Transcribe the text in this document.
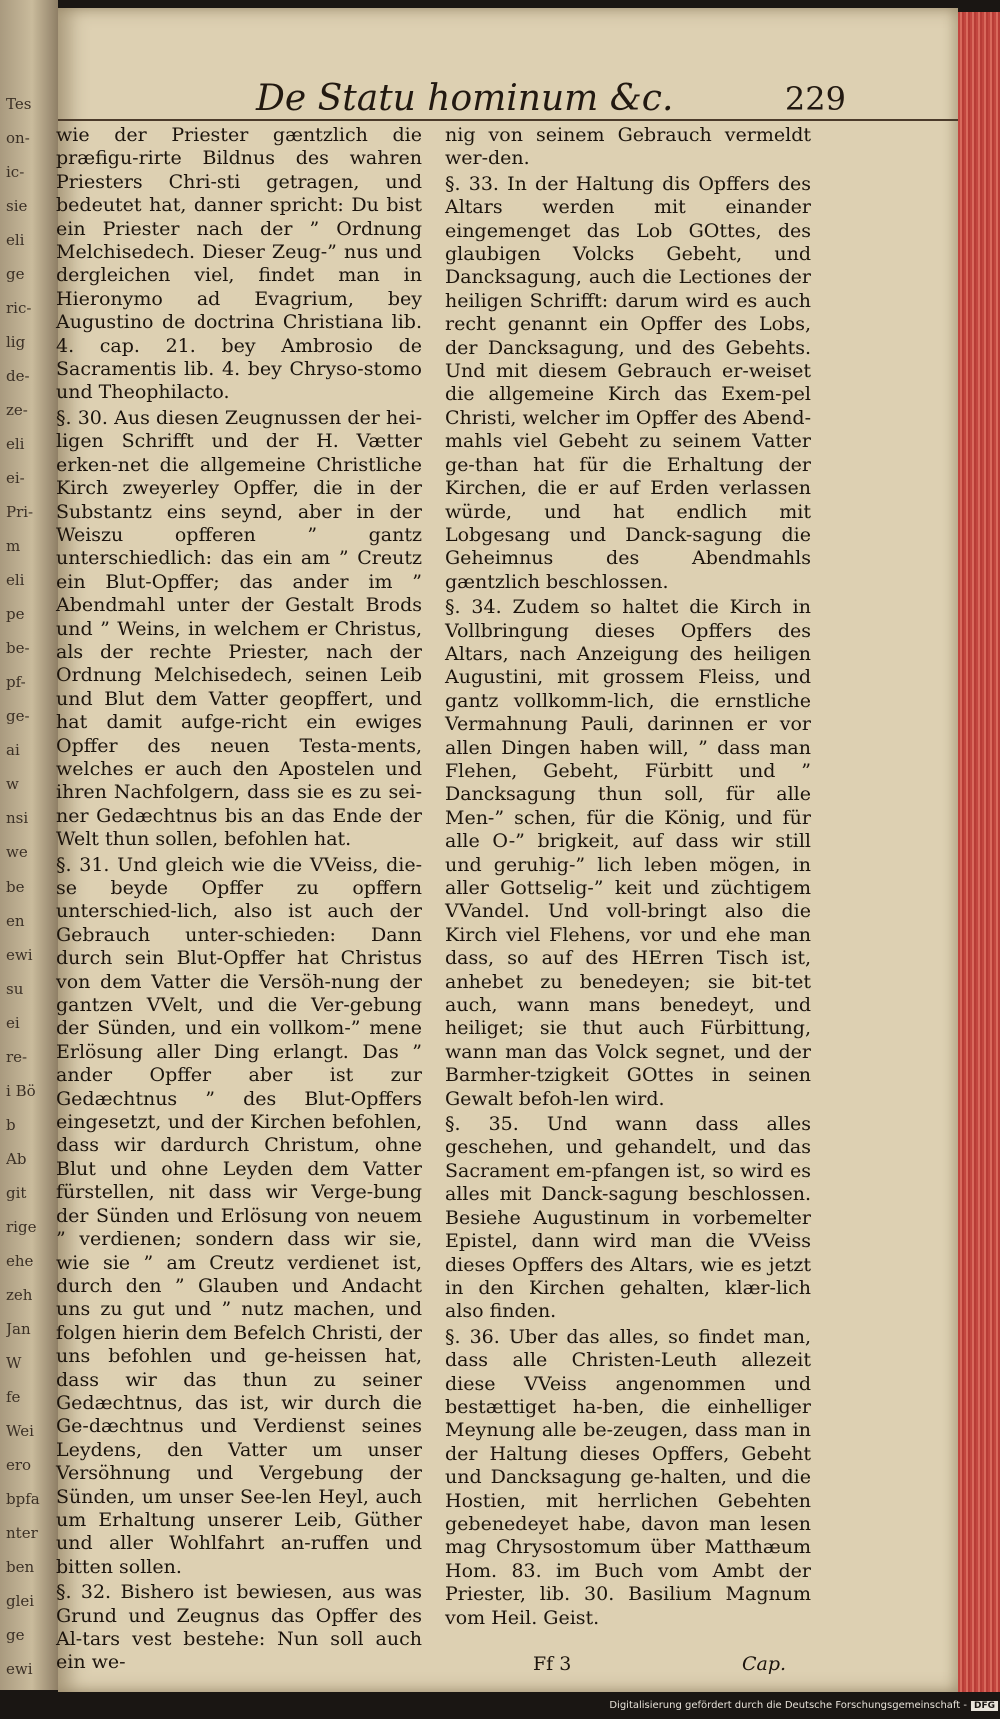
Tes
on-
ic-
sie
eli
ge
ric-
lig
de-
ze-
eli
ei-
Pri-
m
eli
pe
be-
pf-
ge-
ai
w
nsi
we
be
en
ewi
su
ei
re-
i Bö
b
Ab
git
rige
ehe
zeh
Jan
W
fe
Wei
ero
bpfa
nter
ben
glei
ge
ewi
De Statu hominum &c.	229

wie der Priester gæntzlich die præfigu-rirte Bildnus des wahren Priesters Chri-sti getragen, und bedeutet hat, danner spricht: Du bist ein Priester nach der ” Ordnung Melchisedech. Dieser Zeug-” nus und dergleichen viel, findet man in Hieronymo ad Evagrium, bey Augustino de doctrina Christiana lib. 4. cap. 21. bey Ambrosio de Sacramentis lib. 4. bey Chryso-stomo und Theophilacto.

§. 30. Aus diesen Zeugnussen der hei-ligen Schrifft und der H. Vætter erken-net die allgemeine Christliche Kirch zweyerley Opffer, die in der Substantz eins seynd, aber in der Weiszu opfferen ” gantz unterschiedlich: das ein am ” Creutz ein Blut-Opffer; das ander im ” Abendmahl unter der Gestalt Brods und ” Weins, in welchem er Christus, als der rechte Priester, nach der Ordnung Melchisedech, seinen Leib und Blut dem Vatter geopffert, und hat damit aufge-richt ein ewiges Opffer des neuen Testa-ments, welches er auch den Apostelen und ihren Nachfolgern, dass sie es zu sei-ner Gedæchtnus bis an das Ende der Welt thun sollen, befohlen hat.

§. 31. Und gleich wie die VVeiss, die-se beyde Opffer zu opffern unterschied-lich, also ist auch der Gebrauch unter-schieden: Dann durch sein Blut-Opffer hat Christus von dem Vatter die Versöh-nung der gantzen VVelt, und die Ver-gebung der Sünden, und ein vollkom-” mene Erlösung aller Ding erlangt. Das ” ander Opffer aber ist zur Gedæchtnus ” des Blut-Opffers eingesetzt, und der Kirchen befohlen, dass wir dardurch Christum, ohne Blut und ohne Leyden dem Vatter fürstellen, nit dass wir Verge-bung der Sünden und Erlösung von neuem ” verdienen; sondern dass wir sie, wie sie ” am Creutz verdienet ist, durch den ” Glauben und Andacht uns zu gut und ” nutz machen, und folgen hierin dem Befelch Christi, der uns befohlen und ge-heissen hat, dass wir das thun zu seiner Gedæchtnus, das ist, wir durch die Ge-dæchtnus und Verdienst seines Leydens, den Vatter um unser Versöhnung und Vergebung der Sünden, um unser See-len Heyl, auch um Erhaltung unserer Leib, Güther und aller Wohlfahrt an-ruffen und bitten sollen.

§. 32. Bishero ist bewiesen, aus was Grund und Zeugnus das Opffer des Al-tars vest bestehe: Nun soll auch ein we-

nig von seinem Gebrauch vermeldt wer-den.

§. 33. In der Haltung dis Opffers des Altars werden mit einander eingemenget das Lob GOttes, des glaubigen Volcks Gebeht, und Dancksagung, auch die Lectiones der heiligen Schrifft: darum wird es auch recht genannt ein Opffer des Lobs, der Dancksagung, und des Gebehts. Und mit diesem Gebrauch er-weiset die allgemeine Kirch das Exem-pel Christi, welcher im Opffer des Abend-mahls viel Gebeht zu seinem Vatter ge-than hat für die Erhaltung der Kirchen, die er auf Erden verlassen würde, und hat endlich mit Lobgesang und Danck-sagung die Geheimnus des Abendmahls gæntzlich beschlossen.

§. 34. Zudem so haltet die Kirch in Vollbringung dieses Opffers des Altars, nach Anzeigung des heiligen Augustini, mit grossem Fleiss, und gantz vollkomm-lich, die ernstliche Vermahnung Pauli, darinnen er vor allen Dingen haben will, ” dass man Flehen, Gebeht, Fürbitt und ” Dancksagung thun soll, für alle Men-” schen, für die König, und für alle O-” brigkeit, auf dass wir still und geruhig-” lich leben mögen, in aller Gottselig-” keit und züchtigem VVandel. Und voll-bringt also die Kirch viel Flehens, vor und ehe man dass, so auf des HErren Tisch ist, anhebet zu benedeyen; sie bit-tet auch, wann mans benedeyt, und heiliget; sie thut auch Fürbittung, wann man das Volck segnet, und der Barmher-tzigkeit GOttes in seinen Gewalt befoh-len wird.

§. 35. Und wann dass alles geschehen, und gehandelt, und das Sacrament em-pfangen ist, so wird es alles mit Danck-sagung beschlossen. Besiehe Augustinum in vorbemelter Epistel, dann wird man die VVeiss dieses Opffers des Altars, wie es jetzt in den Kirchen gehalten, klær-lich also finden.

§. 36. Uber das alles, so findet man, dass alle Christen-Leuth allezeit diese VVeiss angenommen und bestættiget ha-ben, die einhelliger Meynung alle be-zeugen, dass man in der Haltung dieses Opffers, Gebeht und Dancksagung ge-halten, und die Hostien, mit herrlichen Gebehten gebenedeyet habe, davon man lesen mag Chrysostomum über Matthæum Hom. 83. im Buch vom Ambt der Priester, lib. 30. Basilium Magnum vom Heil. Geist.

Ff 3	Cap.
Digitalisierung gefördert durch die Deutsche Forschungsgemeinschaft - DFG
